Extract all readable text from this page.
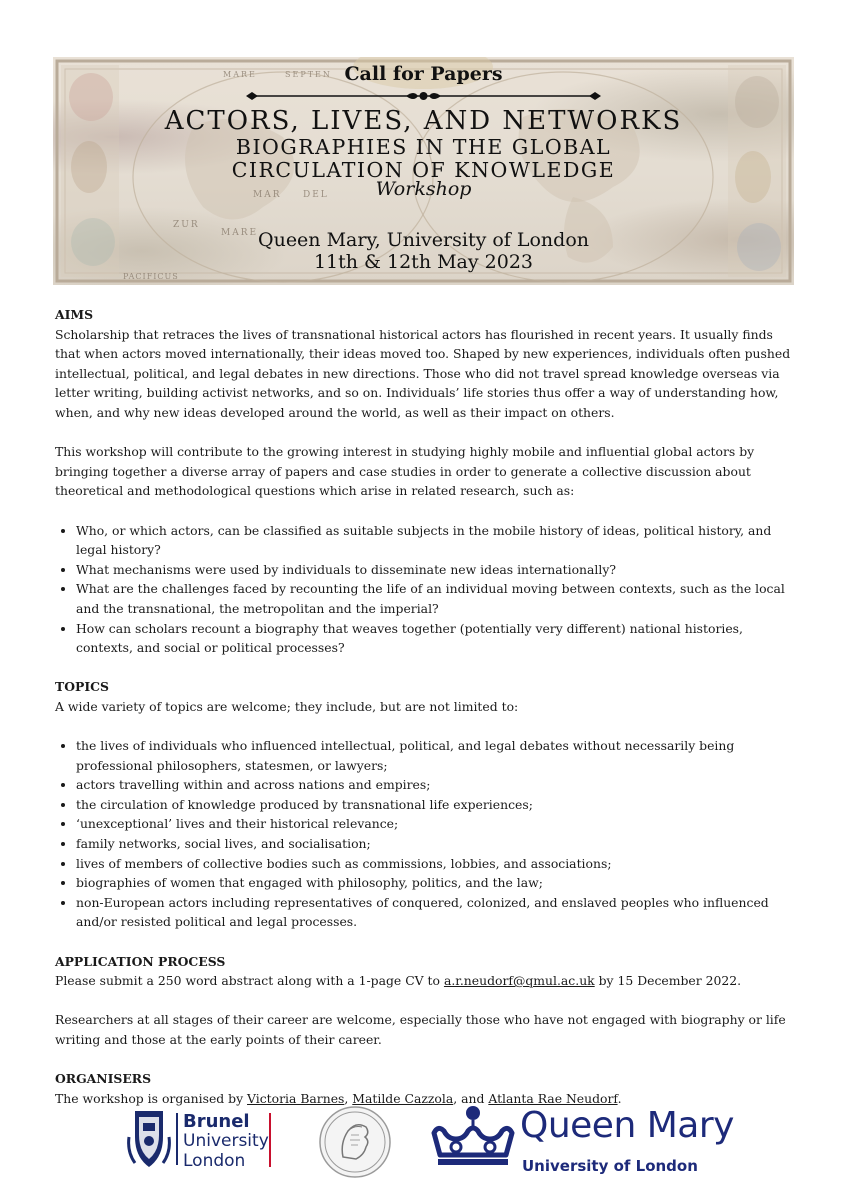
MARE	SEPTEN
MAR DEL
ZUR
MARE
PACIFICUS
Call for Papers
ACTORS, LIVES, AND NETWORKS
BIOGRAPHIES IN THE GLOBAL
CIRCULATION OF KNOWLEDGE
Workshop
Queen Mary, University of London
11th & 12th May 2023
AIMS

Scholarship that retraces the lives of transnational historical actors has flourished in recent years. It usually finds that when actors moved internationally, their ideas moved too. Shaped by new experiences, individuals often pushed intellectual, political, and legal debates in new directions. Those who did not travel spread knowledge overseas via letter writing, building activist networks, and so on. Individuals’ life stories thus offer a way of understanding how, when, and why new ideas developed around the world, as well as their impact on others.

This workshop will contribute to the growing interest in studying highly mobile and influential global actors by bringing together a diverse array of papers and case studies in order to generate a collective discussion about theoretical and methodological questions which arise in related research, such as:

• Who, or which actors, can be classified as suitable subjects in the mobile history of ideas, political history, and legal history?
• What mechanisms were used by individuals to disseminate new ideas internationally?
• What are the challenges faced by recounting the life of an individual moving between contexts, such as the local and the transnational, the metropolitan and the imperial?
• How can scholars recount a biography that weaves together (potentially very different) national histories, contexts, and social or political processes?
TOPICS

A wide variety of topics are welcome; they include, but are not limited to:

• the lives of individuals who influenced intellectual, political, and legal debates without necessarily being professional philosophers, statesmen, or lawyers;
• actors travelling within and across nations and empires;
• the circulation of knowledge produced by transnational life experiences;
• ‘unexceptional’ lives and their historical relevance;
• family networks, social lives, and socialisation;
• lives of members of collective bodies such as commissions, lobbies, and associations;
• biographies of women that engaged with philosophy, politics, and the law;
• non-European actors including representatives of conquered, colonized, and enslaved peoples who influenced and/or resisted political and legal processes.
APPLICATION PROCESS

Please submit a 250 word abstract along with a 1-page CV to a.r.neudorf@qmul.ac.uk by 15 December 2022.

Researchers at all stages of their career are welcome, especially those who have not engaged with biography or life writing and those at the early points of their career.

ORGANISERS

The workshop is organised by Victoria Barnes, Matilde Cazzola, and Atlanta Rae Neudorf.

Brunel
University
London
Queen Mary
University of London
